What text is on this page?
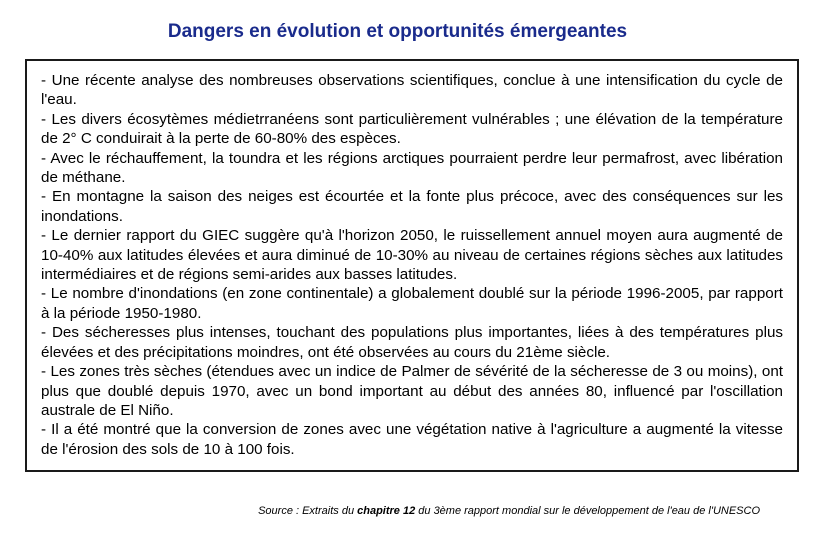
Dangers en évolution et opportunités émergeantes
- Une récente analyse des nombreuses observations scientifiques, conclue à une intensification du cycle de l'eau.
- Les divers écosytèmes médietrranéens sont particulièrement vulnérables ; une élévation de la température de 2° C conduirait à la perte de 60-80% des espèces.
- Avec le réchauffement, la toundra et les régions arctiques pourraient perdre leur permafrost, avec libération de méthane.
- En montagne la saison des neiges est écourtée et la fonte plus précoce, avec des conséquences sur les inondations.
- Le dernier rapport du GIEC suggère qu'à l'horizon 2050, le ruissellement annuel moyen aura augmenté de 10-40% aux latitudes élevées et aura diminué de 10-30% au niveau de certaines régions sèches aux latitudes intermédiaires et de régions semi-arides aux basses latitudes.
- Le nombre d'inondations (en zone continentale) a globalement doublé sur la période 1996-2005, par rapport à la période 1950-1980.
- Des sécheresses plus intenses, touchant des populations plus importantes, liées à des températures plus élevées et des précipitations moindres, ont été observées au cours du 21ème siècle.
- Les zones très sèches (étendues avec un indice de Palmer de sévérité de la sécheresse de 3 ou moins), ont plus que doublé depuis 1970, avec un bond important au début des années 80, influencé par l'oscillation australe de El Niño.
- Il a été montré que la conversion de zones avec une végétation native à l'agriculture a augmenté la vitesse de l'érosion des sols de 10 à 100 fois.
Source : Extraits du chapitre 12 du 3ème rapport mondial sur le développement de l'eau de l'UNESCO
